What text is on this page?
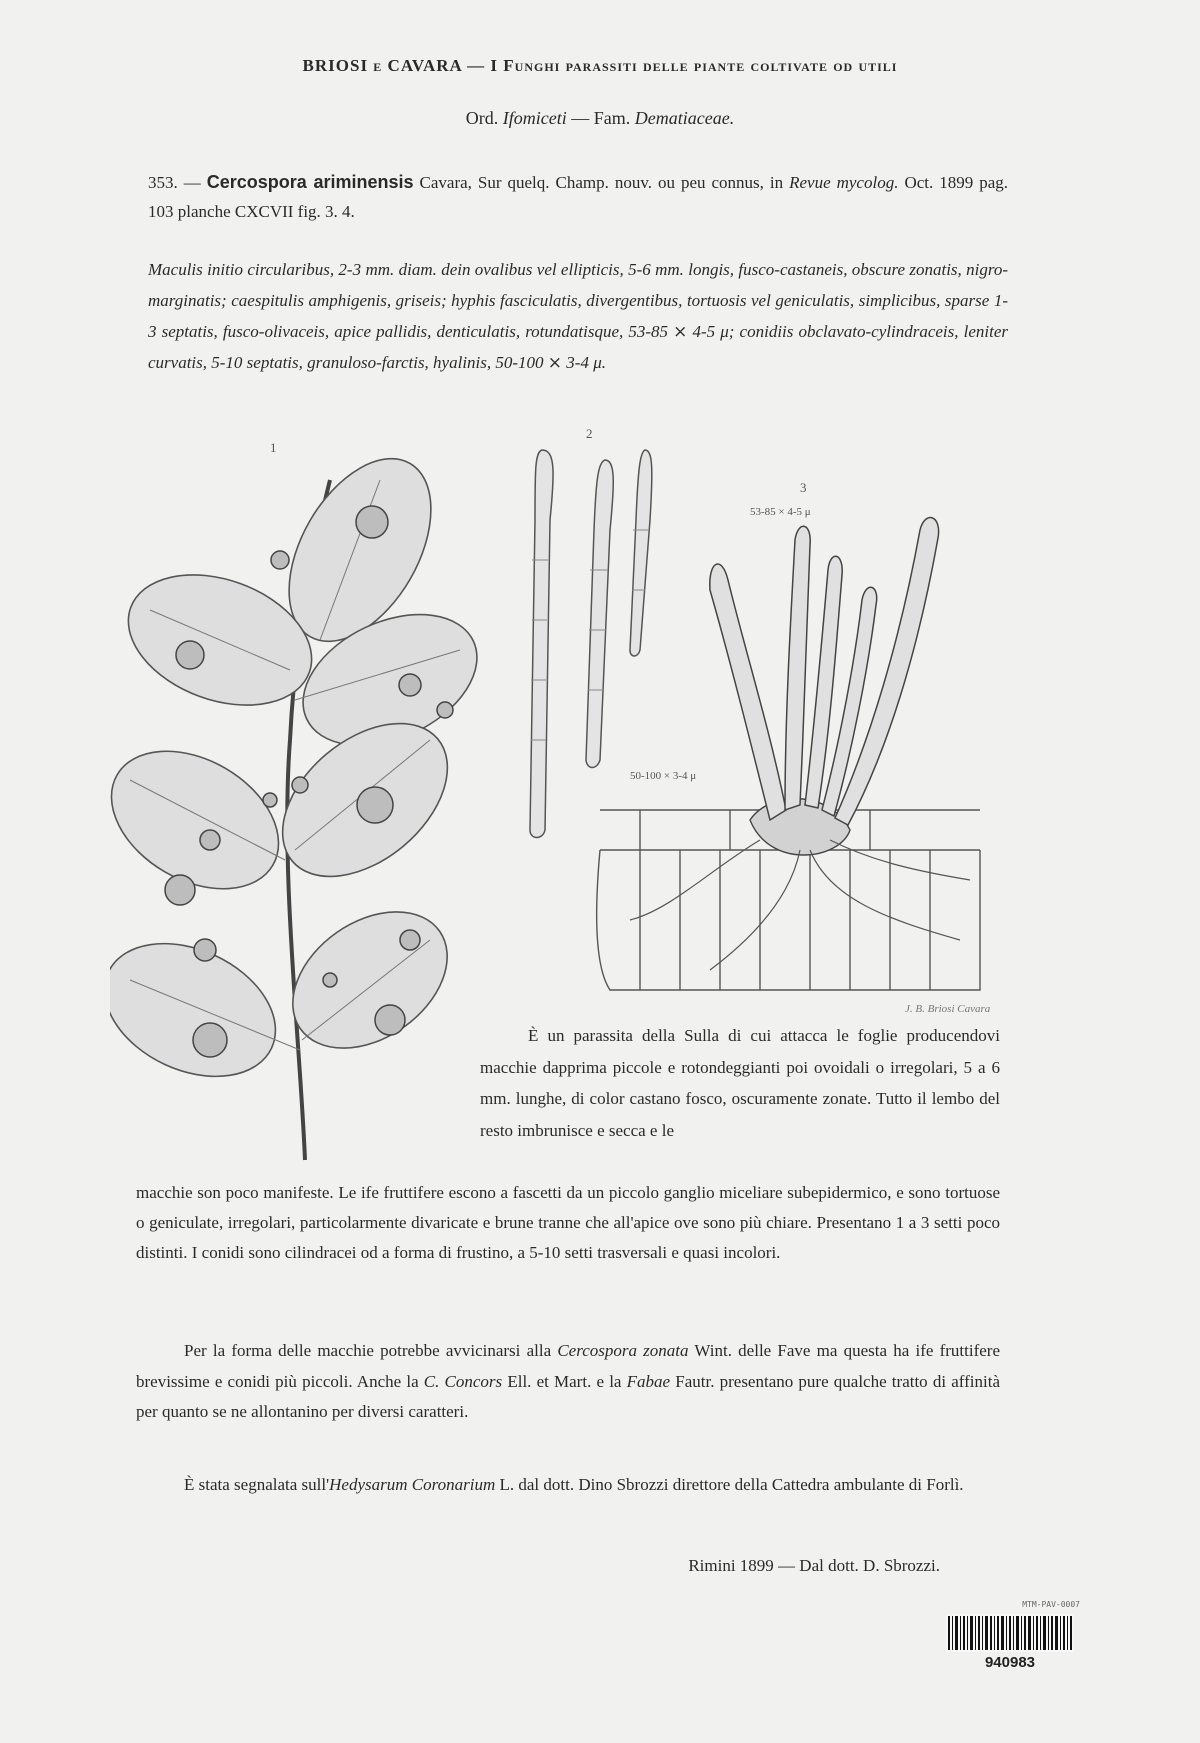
BRIOSI e CAVARA — I Funghi parassiti delle piante coltivate od utili
Ord. Ifomiceti — Fam. Dematiaceae.
353. — Cercospora ariminensis Cavara, Sur quelq. Champ. nouv. ou peu connus, in Revue mycolog. Oct. 1899 pag. 103 planche CXCVII fig. 3. 4.
Maculis initio circularibus, 2-3 mm. diam. dein ovalibus vel ellipticis, 5-6 mm. longis, fusco-castaneis, obscure zonatis, nigro-marginatis; caespitulis amphigenis, griseis; hyphis fasciculatis, divergentibus, tortuosis vel geniculatis, simplicibus, sparse 1-3 septatis, fusco-olivaceis, apice pallidis, denticulatis, rotundatisque, 53-85 ⨯ 4-5 μ; conidiis obclavato-cylindraceis, leniter curvatis, 5-10 septatis, granuloso-farctis, hyalinis, 50-100 ⨯ 3-4 μ.
1
2
3
53-85 × 4-5 μ
50-100 × 3-4 μ
J. B. Briosi Cavara
È un parassita della Sulla di cui attacca le foglie producendovi macchie dapprima piccole e rotondeggianti poi ovoidali o irregolari, 5 a 6 mm. lunghe, di color castano fosco, oscuramente zonate. Tutto il lembo del resto imbrunisce e secca e le
macchie son poco manifeste. Le ife fruttifere escono a fascetti da un piccolo ganglio miceliare subepidermico, e sono tortuose o geniculate, irregolari, particolarmente divaricate e brune tranne che all'apice ove sono più chiare. Presentano 1 a 3 setti poco distinti. I conidi sono cilindracei od a forma di frustino, a 5-10 setti trasversali e quasi incolori.
Per la forma delle macchie potrebbe avvicinarsi alla Cercospora zonata Wint. delle Fave ma questa ha ife fruttifere brevissime e conidi più piccoli. Anche la C. Concors Ell. et Mart. e la Fabae Fautr. presentano pure qualche tratto di affinità per quanto se ne allontanino per diversi caratteri.
È stata segnalata sull'Hedysarum Coronarium L. dal dott. Dino Sbrozzi direttore della Cattedra ambulante di Forlì.
Rimini 1899 — Dal dott. D. Sbrozzi.
MTM-PAV-0007
940983
